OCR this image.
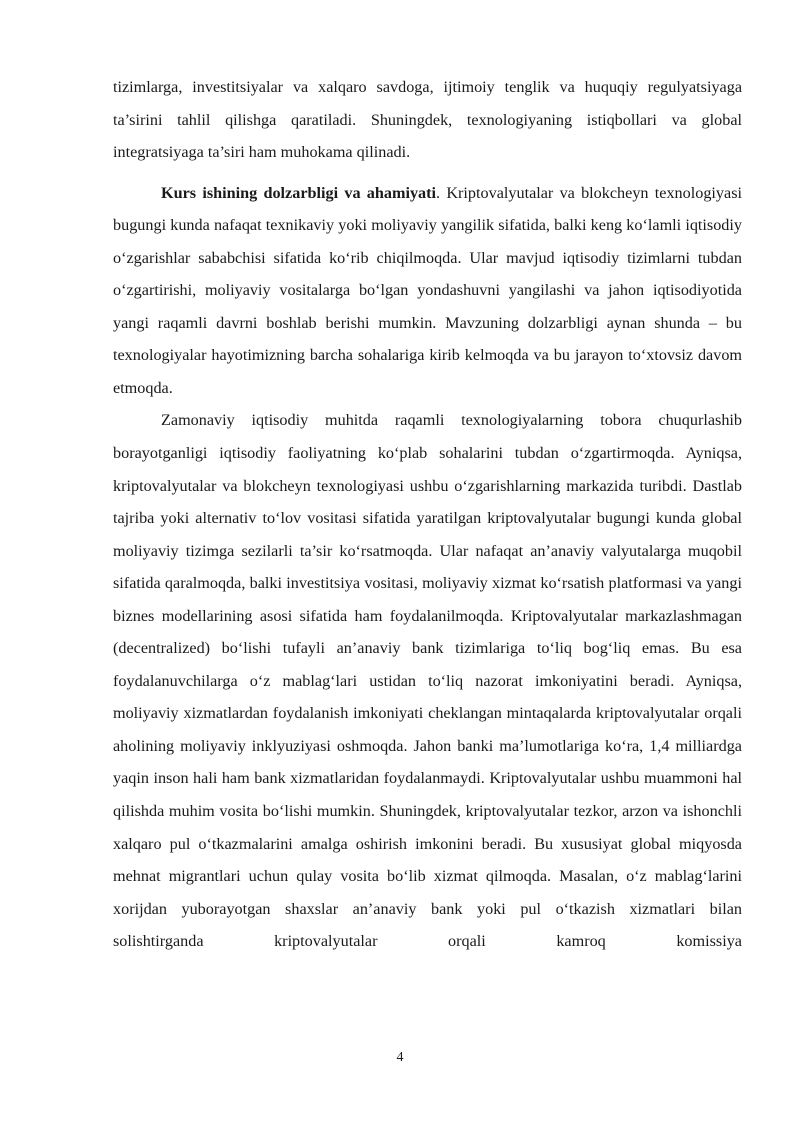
tizimlarga, investitsiyalar va xalqaro savdoga, ijtimoiy tenglik va huquqiy regulyatsiyaga ta’sirini tahlil qilishga qaratiladi. Shuningdek, texnologiyaning istiqbollari va global integratsiyaga ta’siri ham muhokama qilinadi.

Kurs ishining dolzarbligi va ahamiyati. Kriptovalyutalar va blokcheyn texnologiyasi bugungi kunda nafaqat texnikaviy yoki moliyaviy yangilik sifatida, balki keng ko‘lamli iqtisodiy o‘zgarishlar sababchisi sifatida ko‘rib chiqilmoqda. Ular mavjud iqtisodiy tizimlarni tubdan o‘zgartirishi, moliyaviy vositalarga bo‘lgan yondashuvni yangilashi va jahon iqtisodiyotida yangi raqamli davrni boshlab berishi mumkin. Mavzuning dolzarbligi aynan shunda – bu texnologiyalar hayotimizning barcha sohalariga kirib kelmoqda va bu jarayon to‘xtovsiz davom etmoqda.

Zamonaviy iqtisodiy muhitda raqamli texnologiyalarning tobora chuqurlashib borayotganligi iqtisodiy faoliyatning ko‘plab sohalarini tubdan o‘zgartirmoqda. Ayniqsa, kriptovalyutalar va blokcheyn texnologiyasi ushbu o‘zgarishlarning markazida turibdi. Dastlab tajriba yoki alternativ to‘lov vositasi sifatida yaratilgan kriptovalyutalar bugungi kunda global moliyaviy tizimga sezilarli ta’sir ko‘rsatmoqda. Ular nafaqat an’anaviy valyutalarga muqobil sifatida qaralmoqda, balki investitsiya vositasi, moliyaviy xizmat ko‘rsatish platformasi va yangi biznes modellarining asosi sifatida ham foydalanilmoqda. Kriptovalyutalar markazlashmagan (decentralized) bo‘lishi tufayli an’anaviy bank tizimlariga to‘liq bog‘liq emas. Bu esa foydalanuvchilarga o‘z mablag‘lari ustidan to‘liq nazorat imkoniyatini beradi. Ayniqsa, moliyaviy xizmatlardan foydalanish imkoniyati cheklangan mintaqalarda kriptovalyutalar orqali aholining moliyaviy inklyuziyasi oshmoqda. Jahon banki ma’lumotlariga ko‘ra, 1,4 milliardga yaqin inson hali ham bank xizmatlaridan foydalanmaydi. Kriptovalyutalar ushbu muammoni hal qilishda muhim vosita bo‘lishi mumkin. Shuningdek, kriptovalyutalar tezkor, arzon va ishonchli xalqaro pul o‘tkazmalarini amalga oshirish imkonini beradi. Bu xususiyat global miqyosda mehnat migrantlari uchun qulay vosita bo‘lib xizmat qilmoqda. Masalan, o‘z mablag‘larini xorijdan yuborayotgan shaxslar an’anaviy bank yoki pul o‘tkazish xizmatlari bilan solishtirganda kriptovalyutalar orqali kamroq komissiya

4
